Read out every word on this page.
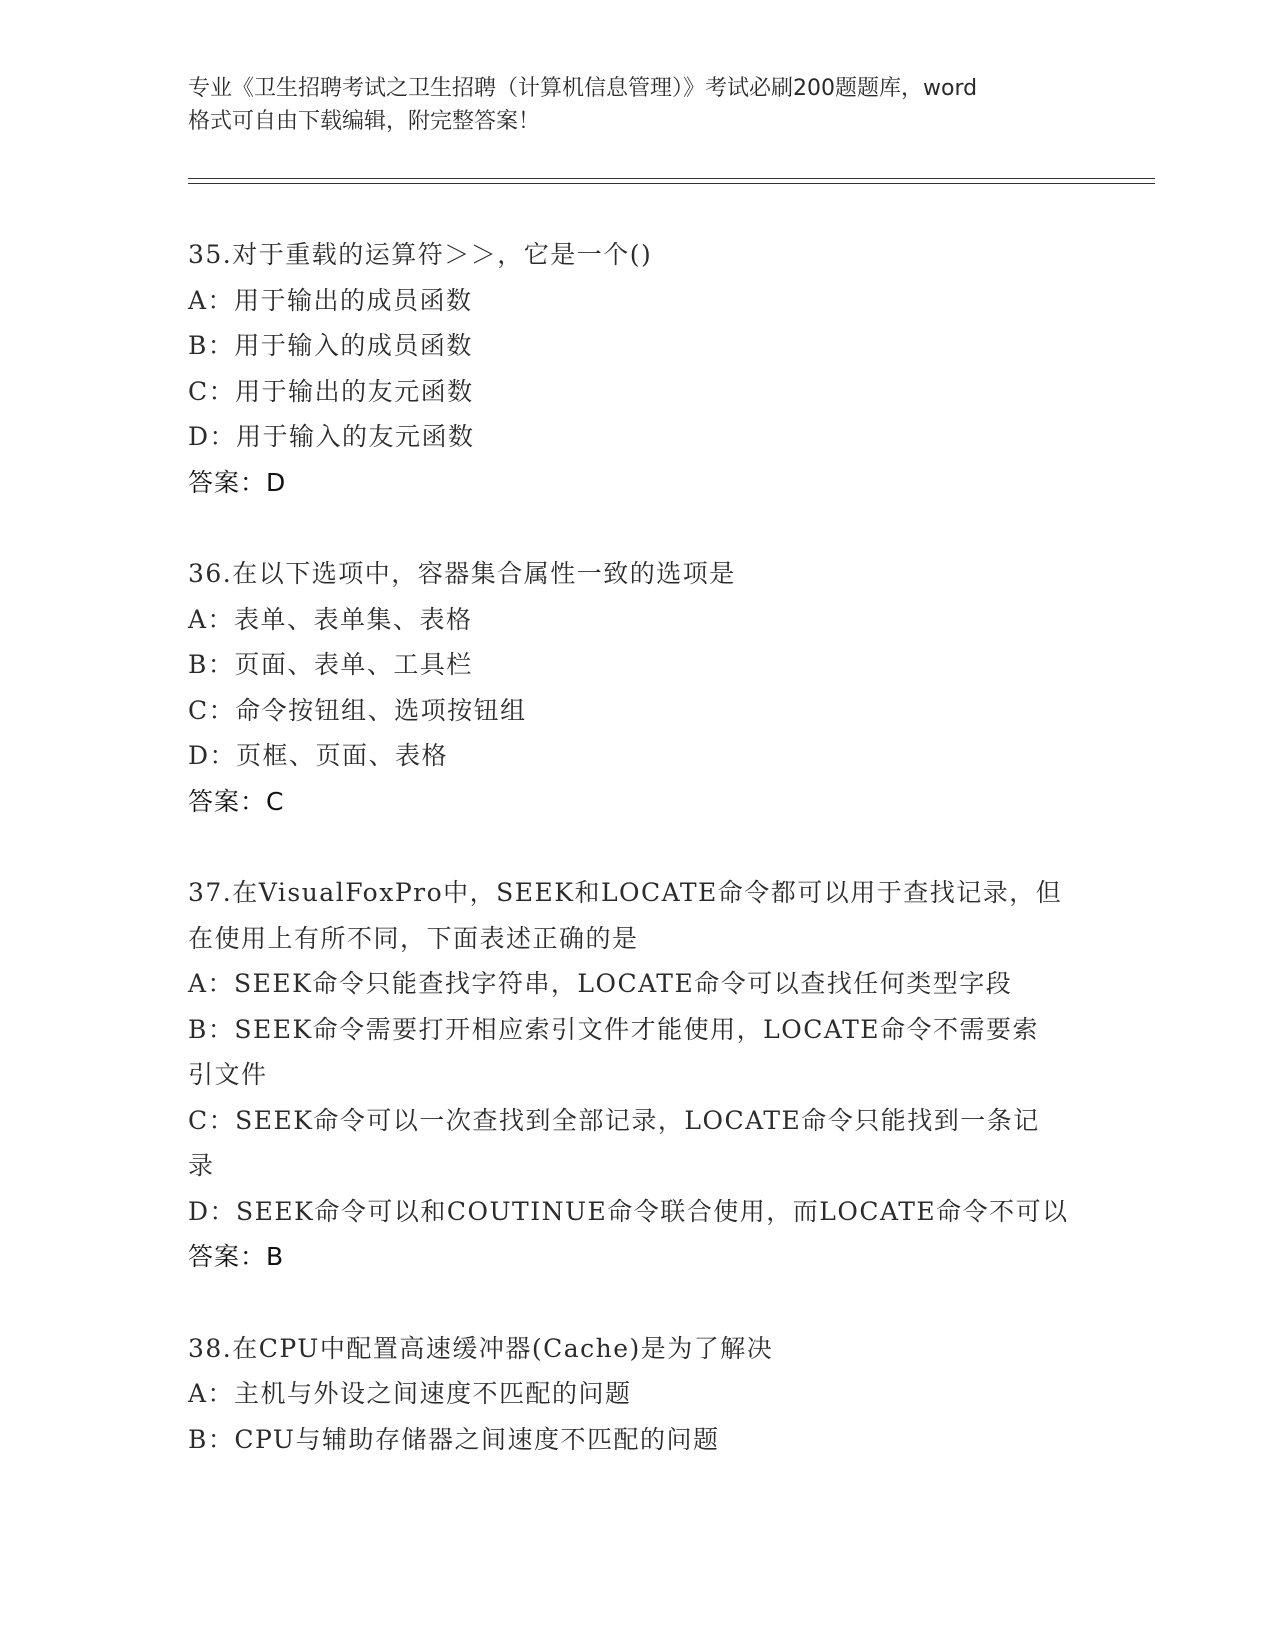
专业《卫生招聘考试之卫生招聘（计算机信息管理）》考试必刷200题题库，word
格式可自由下载编辑，附完整答案！
35.对于重载的运算符＞＞，它是一个()
A：用于输出的成员函数
B：用于输入的成员函数
C：用于输出的友元函数
D：用于输入的友元函数
答案：D
36.在以下选项中，容器集合属性一致的选项是
A：表单、表单集、表格
B：页面、表单、工具栏
C：命令按钮组、选项按钮组
D：页框、页面、表格
答案：C
37.在VisualFoxPro中，SEEK和LOCATE命令都可以用于查找记录，但
在使用上有所不同，下面表述正确的是
A：SEEK命令只能查找字符串，LOCATE命令可以查找任何类型字段
B：SEEK命令需要打开相应索引文件才能使用，LOCATE命令不需要索
引文件
C：SEEK命令可以一次查找到全部记录，LOCATE命令只能找到一条记
录
D：SEEK命令可以和COUTINUE命令联合使用，而LOCATE命令不可以
答案：B
38.在CPU中配置高速缓冲器(Cache)是为了解决
A：主机与外设之间速度不匹配的问题
B：CPU与辅助存储器之间速度不匹配的问题
